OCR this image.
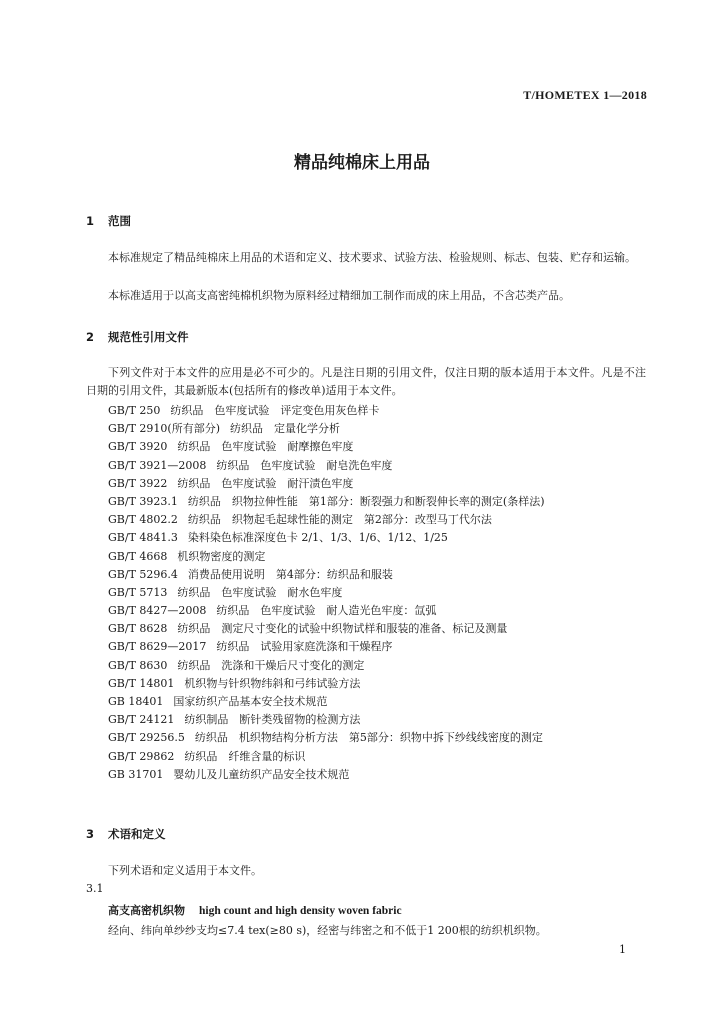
T/HOMETEX 1—2018
精品纯棉床上用品
1 范围
本标准规定了精品纯棉床上用品的术语和定义、技术要求、试验方法、检验规则、标志、包装、贮存和运输。
本标准适用于以高支高密纯棉机织物为原料经过精细加工制作而成的床上用品，不含芯类产品。
2 规范性引用文件
下列文件对于本文件的应用是必不可少的。凡是注日期的引用文件，仅注日期的版本适用于本文件。凡是不注日期的引用文件，其最新版本(包括所有的修改单)适用于本文件。
GB/T 250 纺织品　色牢度试验　评定变色用灰色样卡
GB/T 2910(所有部分) 纺织品　定量化学分析
GB/T 3920 纺织品　色牢度试验　耐摩擦色牢度
GB/T 3921—2008 纺织品　色牢度试验　耐皂洗色牢度
GB/T 3922 纺织品　色牢度试验　耐汗渍色牢度
GB/T 3923.1 纺织品　织物拉伸性能　第1部分：断裂强力和断裂伸长率的测定(条样法)
GB/T 4802.2 纺织品　织物起毛起球性能的测定　第2部分：改型马丁代尔法
GB/T 4841.3 染料染色标准深度色卡 2/1、1/3、1/6、1/12、1/25
GB/T 4668 机织物密度的测定
GB/T 5296.4 消费品使用说明　第4部分：纺织品和服装
GB/T 5713 纺织品　色牢度试验　耐水色牢度
GB/T 8427—2008 纺织品　色牢度试验　耐人造光色牢度：氙弧
GB/T 8628 纺织品　测定尺寸变化的试验中织物试样和服装的准备、标记及测量
GB/T 8629—2017 纺织品　试验用家庭洗涤和干燥程序
GB/T 8630 纺织品　洗涤和干燥后尺寸变化的测定
GB/T 14801 机织物与针织物纬斜和弓纬试验方法
GB 18401 国家纺织产品基本安全技术规范
GB/T 24121 纺织制品　断针类残留物的检测方法
GB/T 29256.5 纺织品　机织物结构分析方法　第5部分：织物中拆下纱线线密度的测定
GB/T 29862 纺织品　纤维含量的标识
GB 31701 婴幼儿及儿童纺织产品安全技术规范
3 术语和定义
下列术语和定义适用于本文件。
3.1
高支高密机织物 high count and high density woven fabric
经向、纬向单纱纱支均≤7.4 tex(≥80 s)，经密与纬密之和不低于1 200根的纺织机织物。
1
